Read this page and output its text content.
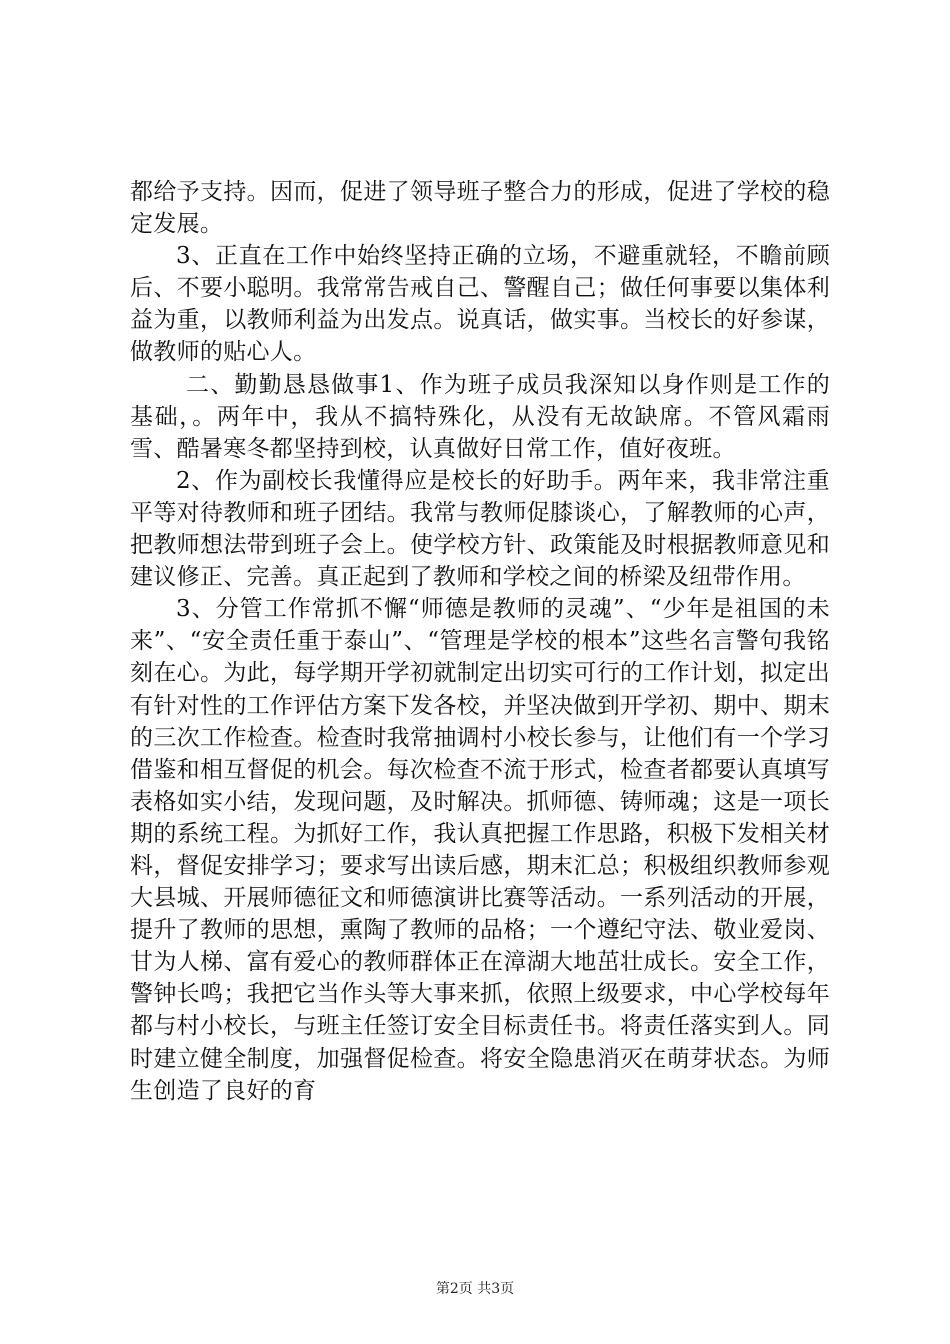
都给予支持。因而，促进了领导班子整合力的形成，促进了学校的稳定发展。

3、正直在工作中始终坚持正确的立场，不避重就轻，不瞻前顾后、不要小聪明。我常常告戒自己、警醒自己；做任何事要以集体利益为重，以教师利益为出发点。说真话，做实事。当校长的好参谋，做教师的贴心人。

二、勤勤恳恳做事1、作为班子成员我深知以身作则是工作的基础，。两年中，我从不搞特殊化，从没有无故缺席。不管风霜雨雪、酷暑寒冬都坚持到校，认真做好日常工作，值好夜班。

2、作为副校长我懂得应是校长的好助手。两年来，我非常注重平等对待教师和班子团结。我常与教师促膝谈心，了解教师的心声，把教师想法带到班子会上。使学校方针、政策能及时根据教师意见和建议修正、完善。真正起到了教师和学校之间的桥梁及纽带作用。

3、分管工作常抓不懈“师德是教师的灵魂”、“少年是祖国的未来”、“安全责任重于泰山”、“管理是学校的根本”这些名言警句我铭刻在心。为此，每学期开学初就制定出切实可行的工作计划，拟定出有针对性的工作评估方案下发各校，并坚决做到开学初、期中、期末的三次工作检查。检查时我常抽调村小校长参与，让他们有一个学习借鉴和相互督促的机会。每次检查不流于形式，检查者都要认真填写表格如实小结，发现问题，及时解决。抓师德、铸师魂；这是一项长期的系统工程。为抓好工作，我认真把握工作思路，积极下发相关材料，督促安排学习；要求写出读后感，期末汇总；积极组织教师参观大县城、开展师德征文和师德演讲比赛等活动。一系列活动的开展，提升了教师的思想，熏陶了教师的品格；一个遵纪守法、敬业爱岗、甘为人梯、富有爱心的教师群体正在漳湖大地茁壮成长。安全工作，警钟长鸣；我把它当作头等大事来抓，依照上级要求，中心学校每年都与村小校长，与班主任签订安全目标责任书。将责任落实到人。同时建立健全制度，加强督促检查。将安全隐患消灭在萌芽状态。为师生创造了良好的育

第2页 共3页
